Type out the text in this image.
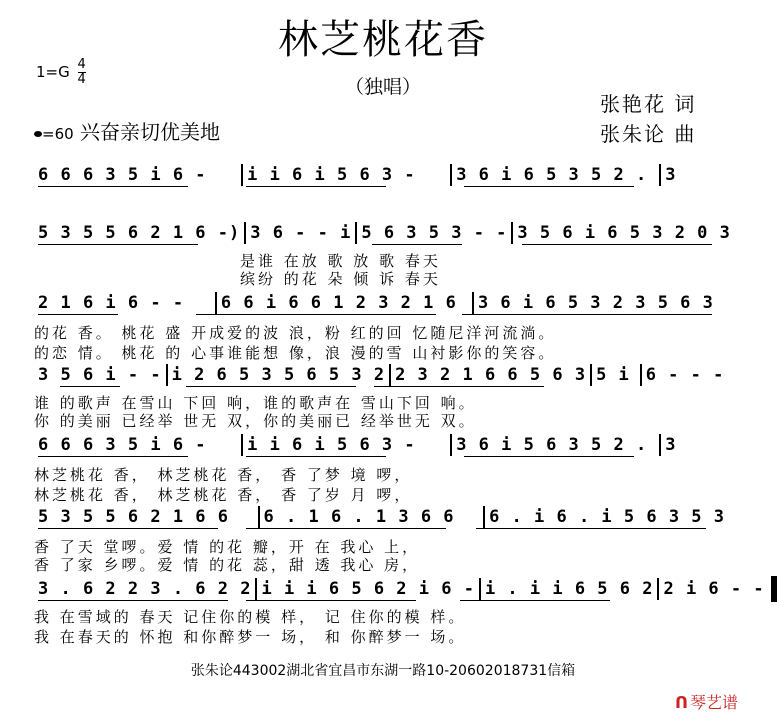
林芝桃花香
（独唱）
$1=G \frac{4}{4}$
=60 兴奋亲切优美地
张艳花 词
张朱论 曲
6 6 6 3 5 i 6 -	i i 6 i 5 6 3 -	3 6 i 6 5 3 5 2 .	3
5 3 5 5 6 2 1 6 -) 3 6 - - i 5 6 3 5 3 - - 3 5 6 i 6 5 3 2 0 3
是谁 在放 歌 放 歌 春天
缤纷 的花 朵 倾 诉 春天
2 1 6 i 6 - -	6 6 i 6 6 1 2 3 2 1 6	3 6 i 6 5 3 2 3 5 6 3
的花 香。 桃花 盛 开成爱的波 浪，粉 红的回 忆随尼洋河流淌。
的恋 情。 桃花 的 心事谁能想 像，浪 漫的雪 山衬影你的笑容。
3 5 6 i - - i 2 6 5 3 5 6 5 3 2 2 3 2 1 6 6 5 6 3 5 i 6 - - -
谁 的歌声 在雪山 下回 响，谁的歌声在 雪山下回 响。
你 的美丽 已经举 世无 双，你的美丽已 经举世无 双。
6 6 6 3 5 i 6 -	i i 6 i 5 6 3 -	3 6 i 5 6 3 5 2 .	3
林芝桃花 香， 林芝桃花 香， 香 了梦 境 啰，
林芝桃花 香， 林芝桃花 香， 香 了岁 月 啰，
5 3 5 5 6 2 1 6 6	6 . 1 6 . 1 3 6 6	6 . i 6 . i 5 6 3 5 3
香 了天 堂啰。爱 情 的花 瓣，开 在 我心 上，
香 了家 乡啰。爱 情 的花 蕊，甜 透 我心 房，
3 . 6 2 2 3 . 6 2 2 i i i 6 5 6 2 i 6 - i . i i 6 5 6 2 2 i 6 - -
我 在雪域的 春天 记住你的模 样， 记 住你的模 样。
我 在春天的 怀抱 和你醉梦一 场， 和 你醉梦一 场。
张朱论443002湖北省宜昌市东湖一路10-20602018731信箱
ᑎ 琴艺谱
